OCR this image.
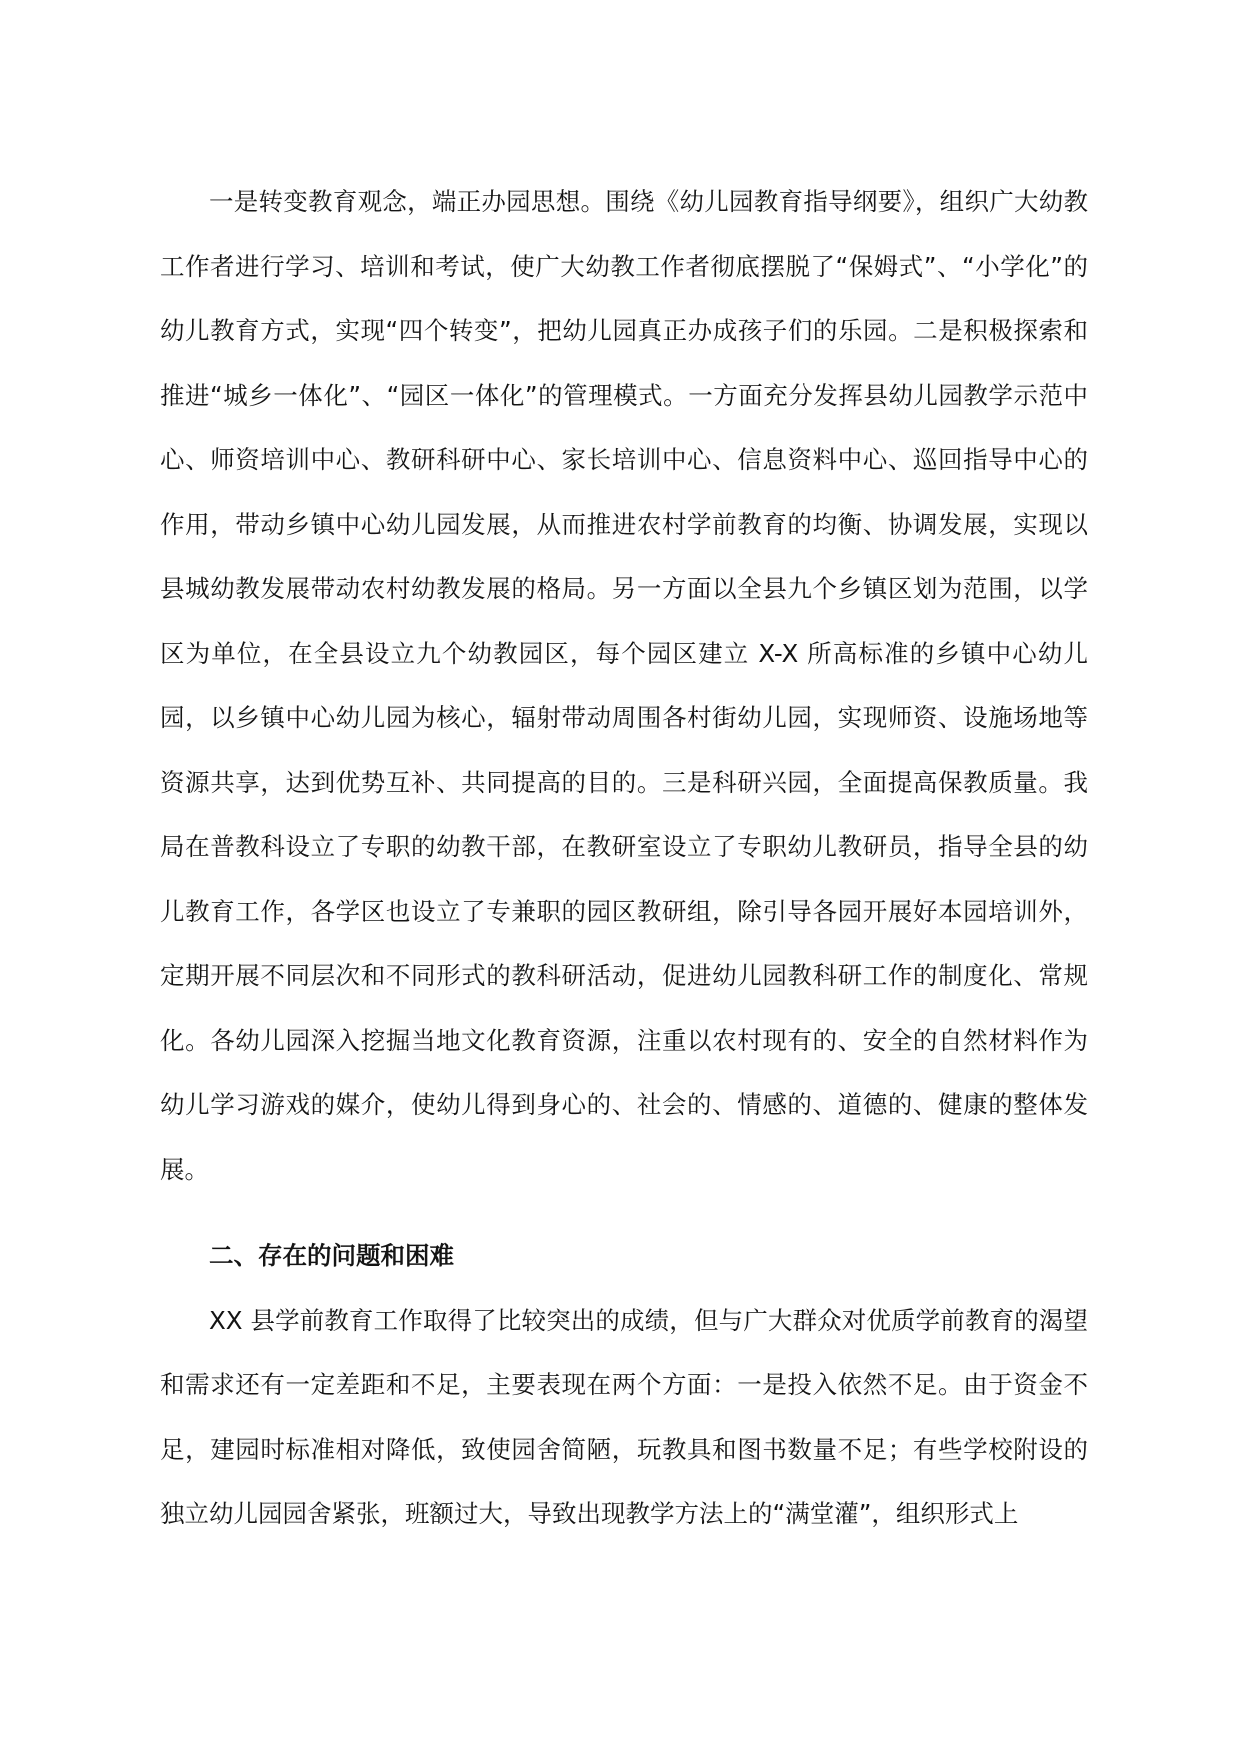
一是转变教育观念，端正办园思想。围绕《幼儿园教育指导纲要》，组织广大幼教工作者进行学习、培训和考试，使广大幼教工作者彻底摆脱了“保姆式”、“小学化”的幼儿教育方式，实现“四个转变”，把幼儿园真正办成孩子们的乐园。二是积极探索和推进“城乡一体化”、“园区一体化”的管理模式。一方面充分发挥县幼儿园教学示范中心、师资培训中心、教研科研中心、家长培训中心、信息资料中心、巡回指导中心的作用，带动乡镇中心幼儿园发展，从而推进农村学前教育的均衡、协调发展，实现以县城幼教发展带动农村幼教发展的格局。另一方面以全县九个乡镇区划为范围，以学区为单位，在全县设立九个幼教园区，每个园区建立 X-X 所高标准的乡镇中心幼儿园，以乡镇中心幼儿园为核心，辐射带动周围各村街幼儿园，实现师资、设施场地等资源共享，达到优势互补、共同提高的目的。三是科研兴园，全面提高保教质量。我局在普教科设立了专职的幼教干部，在教研室设立了专职幼儿教研员，指导全县的幼儿教育工作，各学区也设立了专兼职的园区教研组，除引导各园开展好本园培训外，定期开展不同层次和不同形式的教科研活动，促进幼儿园教科研工作的制度化、常规化。各幼儿园深入挖掘当地文化教育资源，注重以农村现有的、安全的自然材料作为幼儿学习游戏的媒介，使幼儿得到身心的、社会的、情感的、道德的、健康的整体发展。

二、存在的问题和困难

XX 县学前教育工作取得了比较突出的成绩，但与广大群众对优质学前教育的渴望和需求还有一定差距和不足，主要表现在两个方面：一是投入依然不足。由于资金不足，建园时标准相对降低，致使园舍简陋，玩教具和图书数量不足；有些学校附设的独立幼儿园园舍紧张，班额过大，导致出现教学方法上的“满堂灌”，组织形式上
